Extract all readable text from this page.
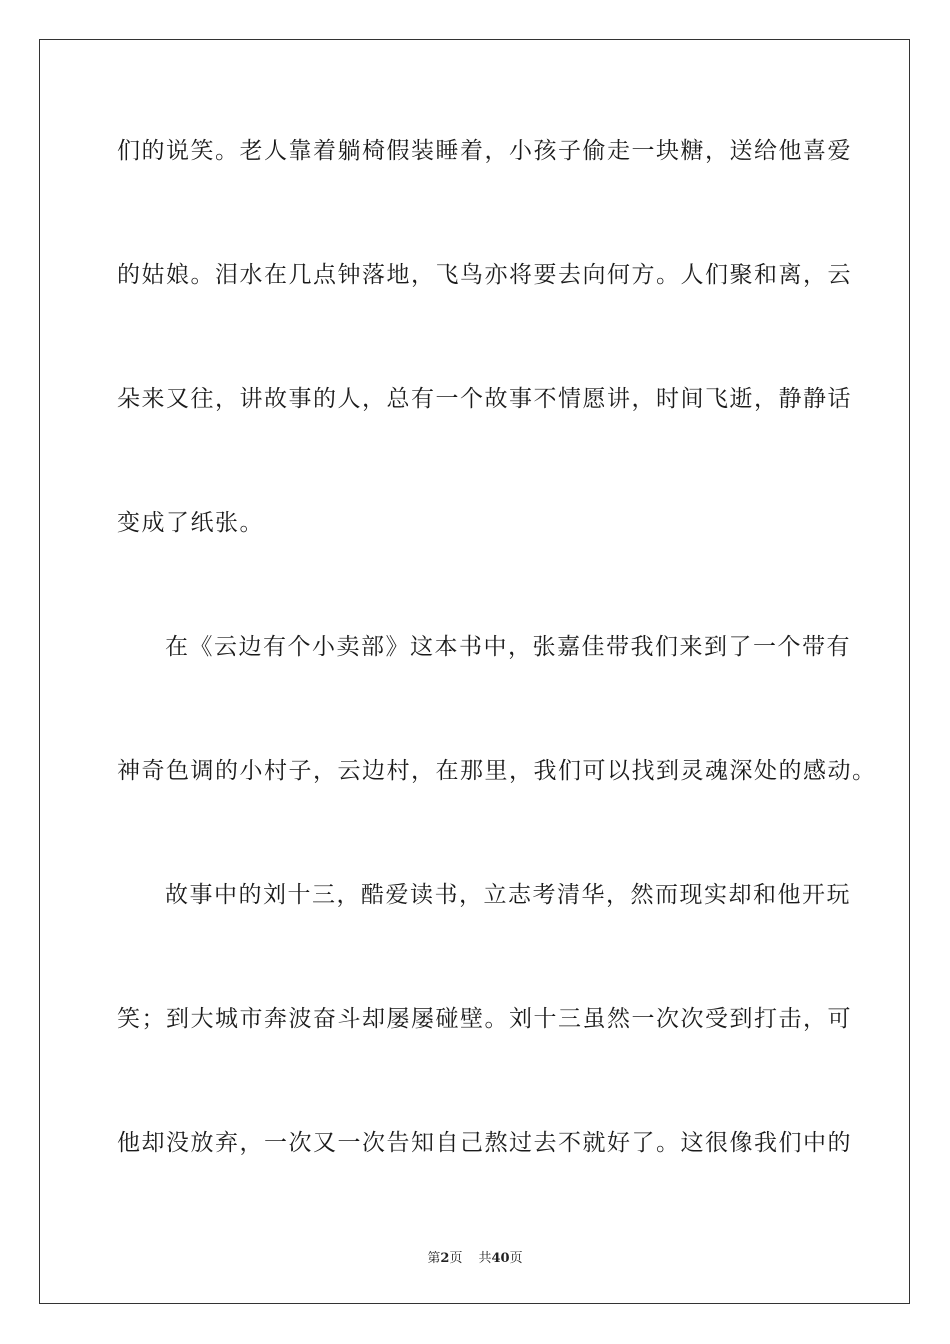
们的说笑。老人靠着躺椅假装睡着，小孩子偷走一块糖，送给他喜爱
的姑娘。泪水在几点钟落地，飞鸟亦将要去向何方。人们聚和离，云
朵来又往，讲故事的人，总有一个故事不情愿讲，时间飞逝，静静话
变成了纸张。
在《云边有个小卖部》这本书中，张嘉佳带我们来到了一个带有
神奇色调的小村子，云边村，在那里，我们可以找到灵魂深处的感动。
故事中的刘十三，酷爱读书，立志考清华，然而现实却和他开玩
笑；到大城市奔波奋斗却屡屡碰壁。刘十三虽然一次次受到打击，可
他却没放弃，一次又一次告知自己熬过去不就好了。这很像我们中的
第2页 共40页
